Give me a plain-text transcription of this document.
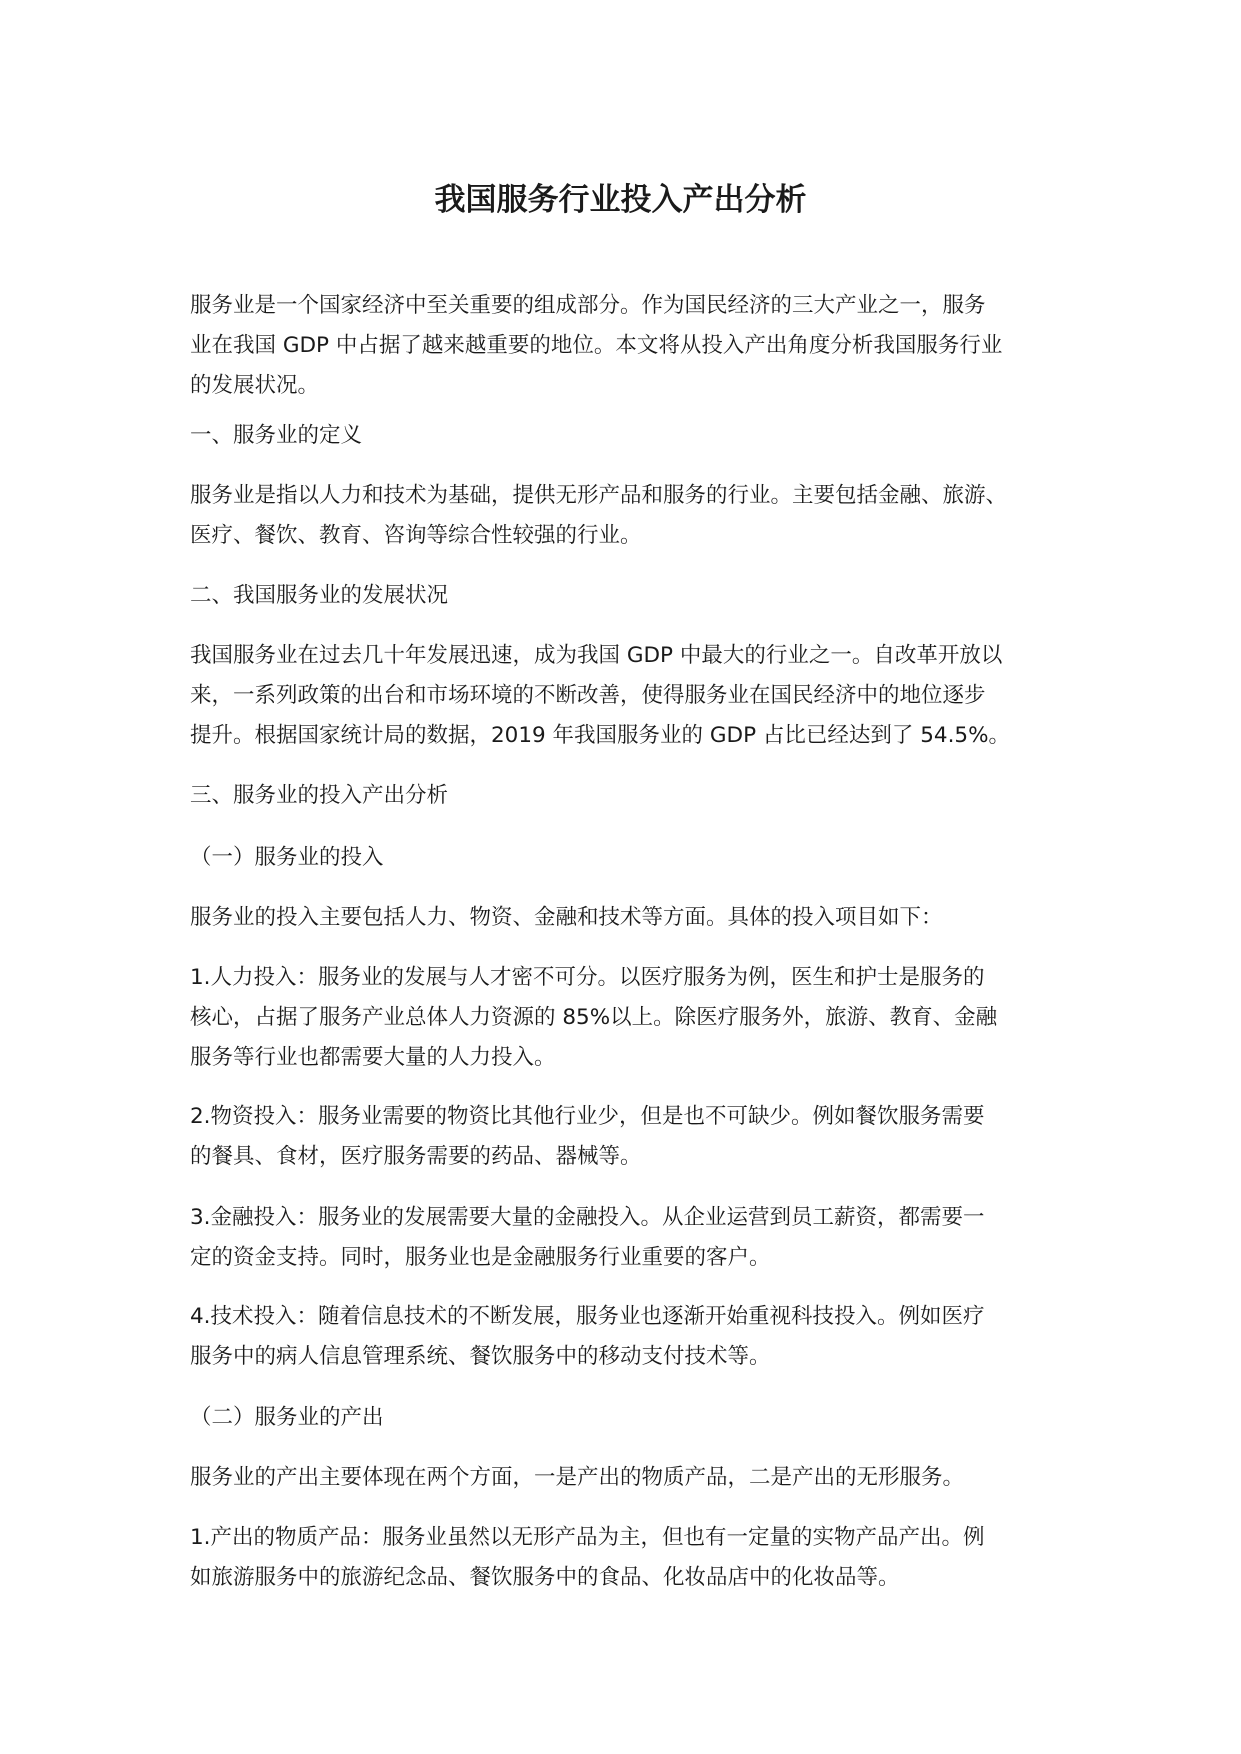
我国服务行业投入产出分析

服务业是一个国家经济中至关重要的组成部分。作为国民经济的三大产业之一，服务
业在我国 GDP 中占据了越来越重要的地位。本文将从投入产出角度分析我国服务行业
的发展状况。

一、服务业的定义

服务业是指以人力和技术为基础，提供无形产品和服务的行业。主要包括金融、旅游、
医疗、餐饮、教育、咨询等综合性较强的行业。

二、我国服务业的发展状况

我国服务业在过去几十年发展迅速，成为我国 GDP 中最大的行业之一。自改革开放以
来，一系列政策的出台和市场环境的不断改善，使得服务业在国民经济中的地位逐步
提升。根据国家统计局的数据，2019 年我国服务业的 GDP 占比已经达到了 54.5%。

三、服务业的投入产出分析

（一）服务业的投入

服务业的投入主要包括人力、物资、金融和技术等方面。具体的投入项目如下：

1.人力投入：服务业的发展与人才密不可分。以医疗服务为例，医生和护士是服务的
核心，占据了服务产业总体人力资源的 85%以上。除医疗服务外，旅游、教育、金融
服务等行业也都需要大量的人力投入。

2.物资投入：服务业需要的物资比其他行业少，但是也不可缺少。例如餐饮服务需要
的餐具、食材，医疗服务需要的药品、器械等。

3.金融投入：服务业的发展需要大量的金融投入。从企业运营到员工薪资，都需要一
定的资金支持。同时，服务业也是金融服务行业重要的客户。

4.技术投入：随着信息技术的不断发展，服务业也逐渐开始重视科技投入。例如医疗
服务中的病人信息管理系统、餐饮服务中的移动支付技术等。

（二）服务业的产出

服务业的产出主要体现在两个方面，一是产出的物质产品，二是产出的无形服务。

1.产出的物质产品：服务业虽然以无形产品为主，但也有一定量的实物产品产出。例
如旅游服务中的旅游纪念品、餐饮服务中的食品、化妆品店中的化妆品等。
